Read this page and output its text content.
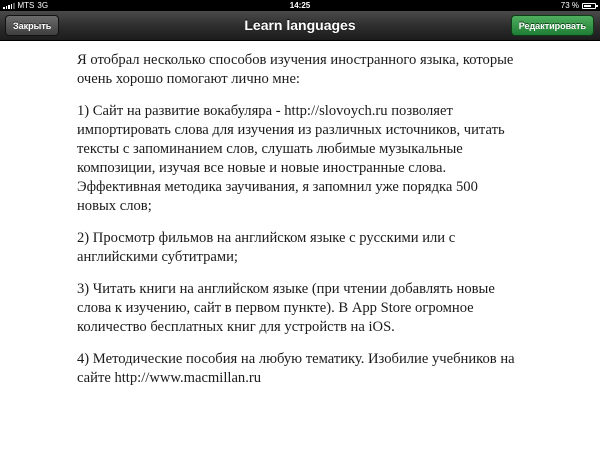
MTS 3G	14:25	73 %
Learn languages
Закрыть	Редактировать

Я отобрал несколько способов изучения иностранного языка, которые очень хорошо помогают лично мне:

1) Сайт на развитие вокабуляра - http://slovoych.ru позволяет импортировать слова для изучения из различных источников, читать тексты с запоминанием слов, слушать любимые музыкальные композиции, изучая все новые и новые иностранные слова. Эффективная методика заучивания, я запомнил уже порядка 500 новых слов;

2) Просмотр фильмов на английском языке с русскими или с английскими субтитрами;

3) Читать книги на английском языке (при чтении добавлять новые слова к изучению, сайт в первом пункте). В App Store огромное количество бесплатных книг для устройств на iOS.

4) Методические пособия на любую тематику. Изобилие учебников на сайте http://www.macmillan.ru
